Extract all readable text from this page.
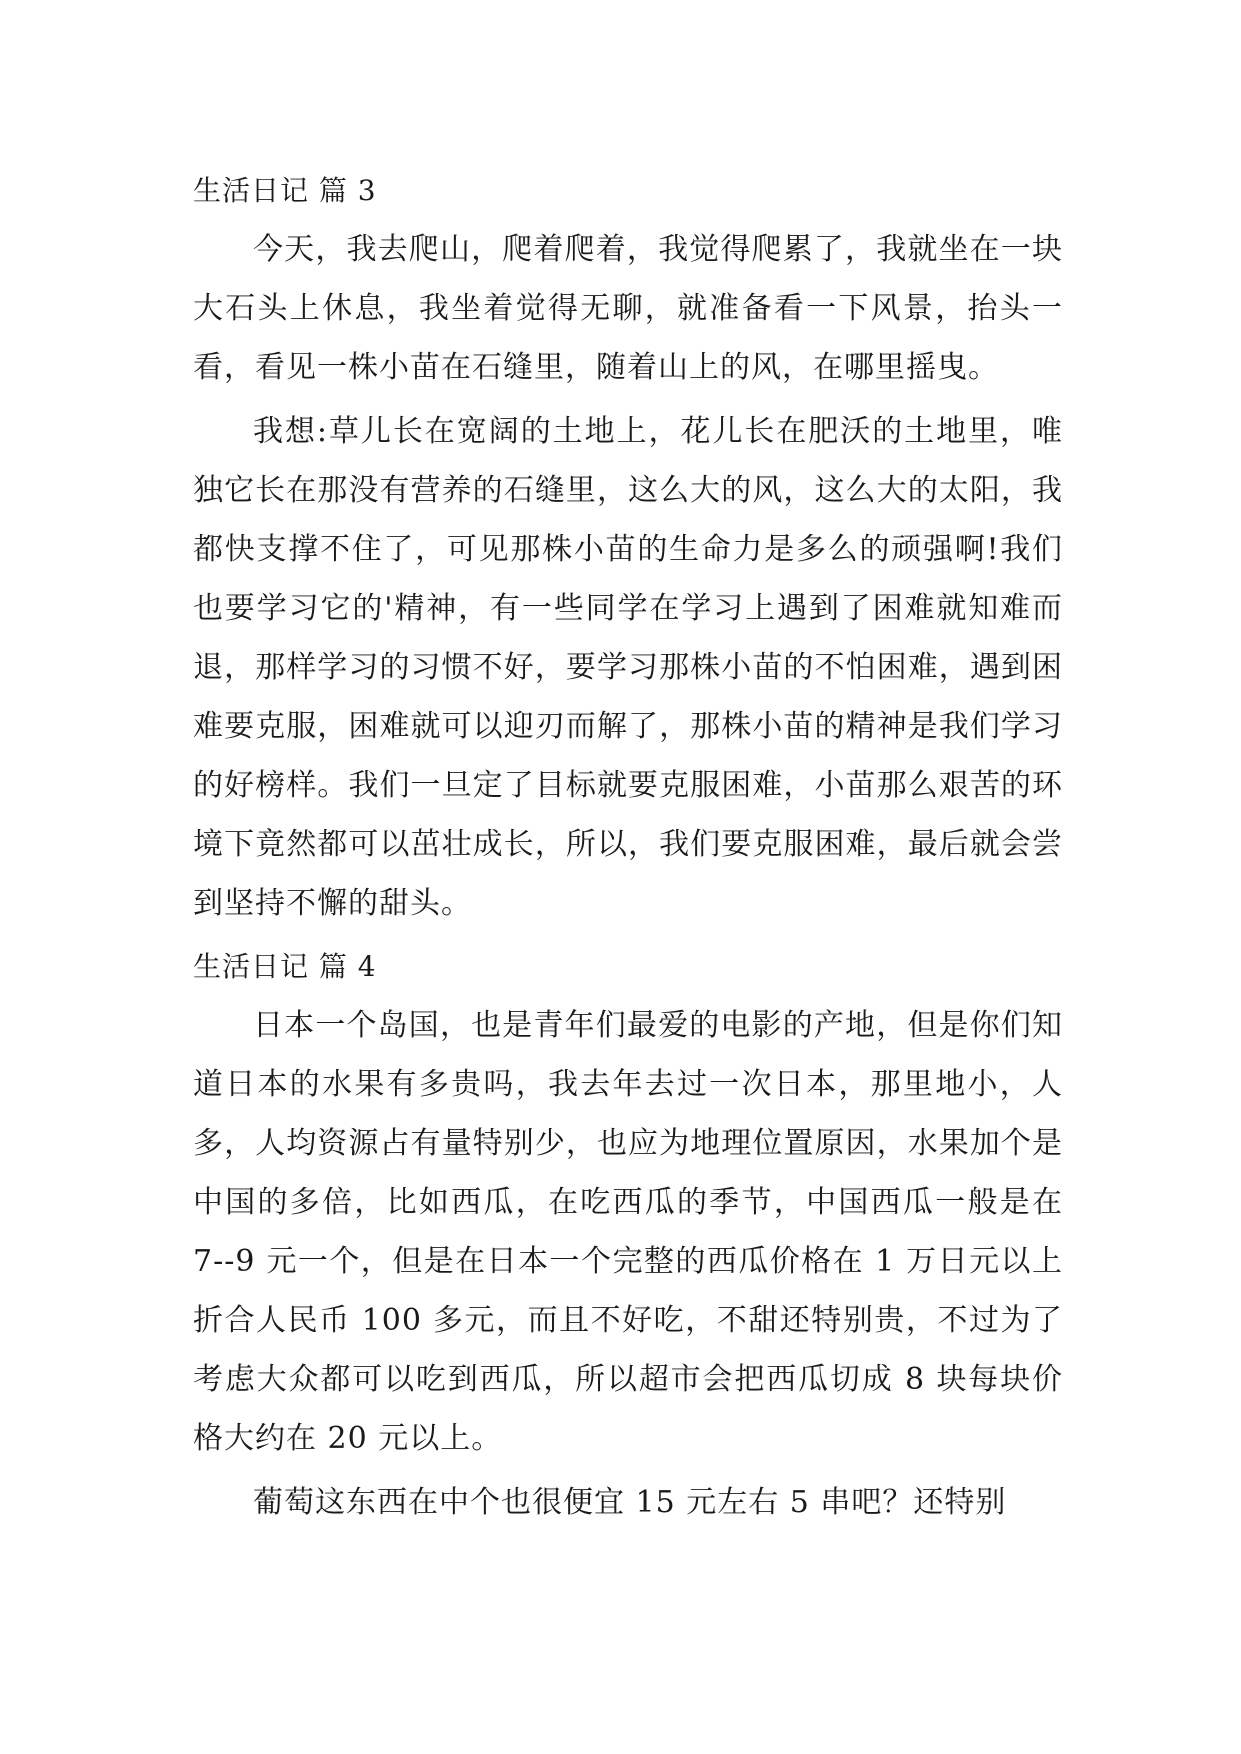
生活日记 篇 3

今天，我去爬山，爬着爬着，我觉得爬累了，我就坐在一块大石头上休息，我坐着觉得无聊，就准备看一下风景，抬头一看，看见一株小苗在石缝里，随着山上的风，在哪里摇曳。

我想:草儿长在宽阔的土地上，花儿长在肥沃的土地里，唯独它长在那没有营养的石缝里，这么大的风，这么大的太阳，我都快支撑不住了，可见那株小苗的生命力是多么的顽强啊!我们也要学习它的'精神，有一些同学在学习上遇到了困难就知难而退，那样学习的习惯不好，要学习那株小苗的不怕困难，遇到困难要克服，困难就可以迎刃而解了，那株小苗的精神是我们学习的好榜样。我们一旦定了目标就要克服困难，小苗那么艰苦的环境下竟然都可以茁壮成长，所以，我们要克服困难，最后就会尝到坚持不懈的甜头。

生活日记 篇 4

日本一个岛国，也是青年们最爱的电影的产地，但是你们知道日本的水果有多贵吗，我去年去过一次日本，那里地小，人多，人均资源占有量特别少，也应为地理位置原因，水果加个是中国的多倍，比如西瓜，在吃西瓜的季节，中国西瓜一般是在 7--9 元一个，但是在日本一个完整的西瓜价格在 1 万日元以上折合人民币 100 多元，而且不好吃，不甜还特别贵，不过为了考虑大众都可以吃到西瓜，所以超市会把西瓜切成 8 块每块价格大约在 20 元以上。

葡萄这东西在中个也很便宜 15 元左右 5 串吧？还特别
